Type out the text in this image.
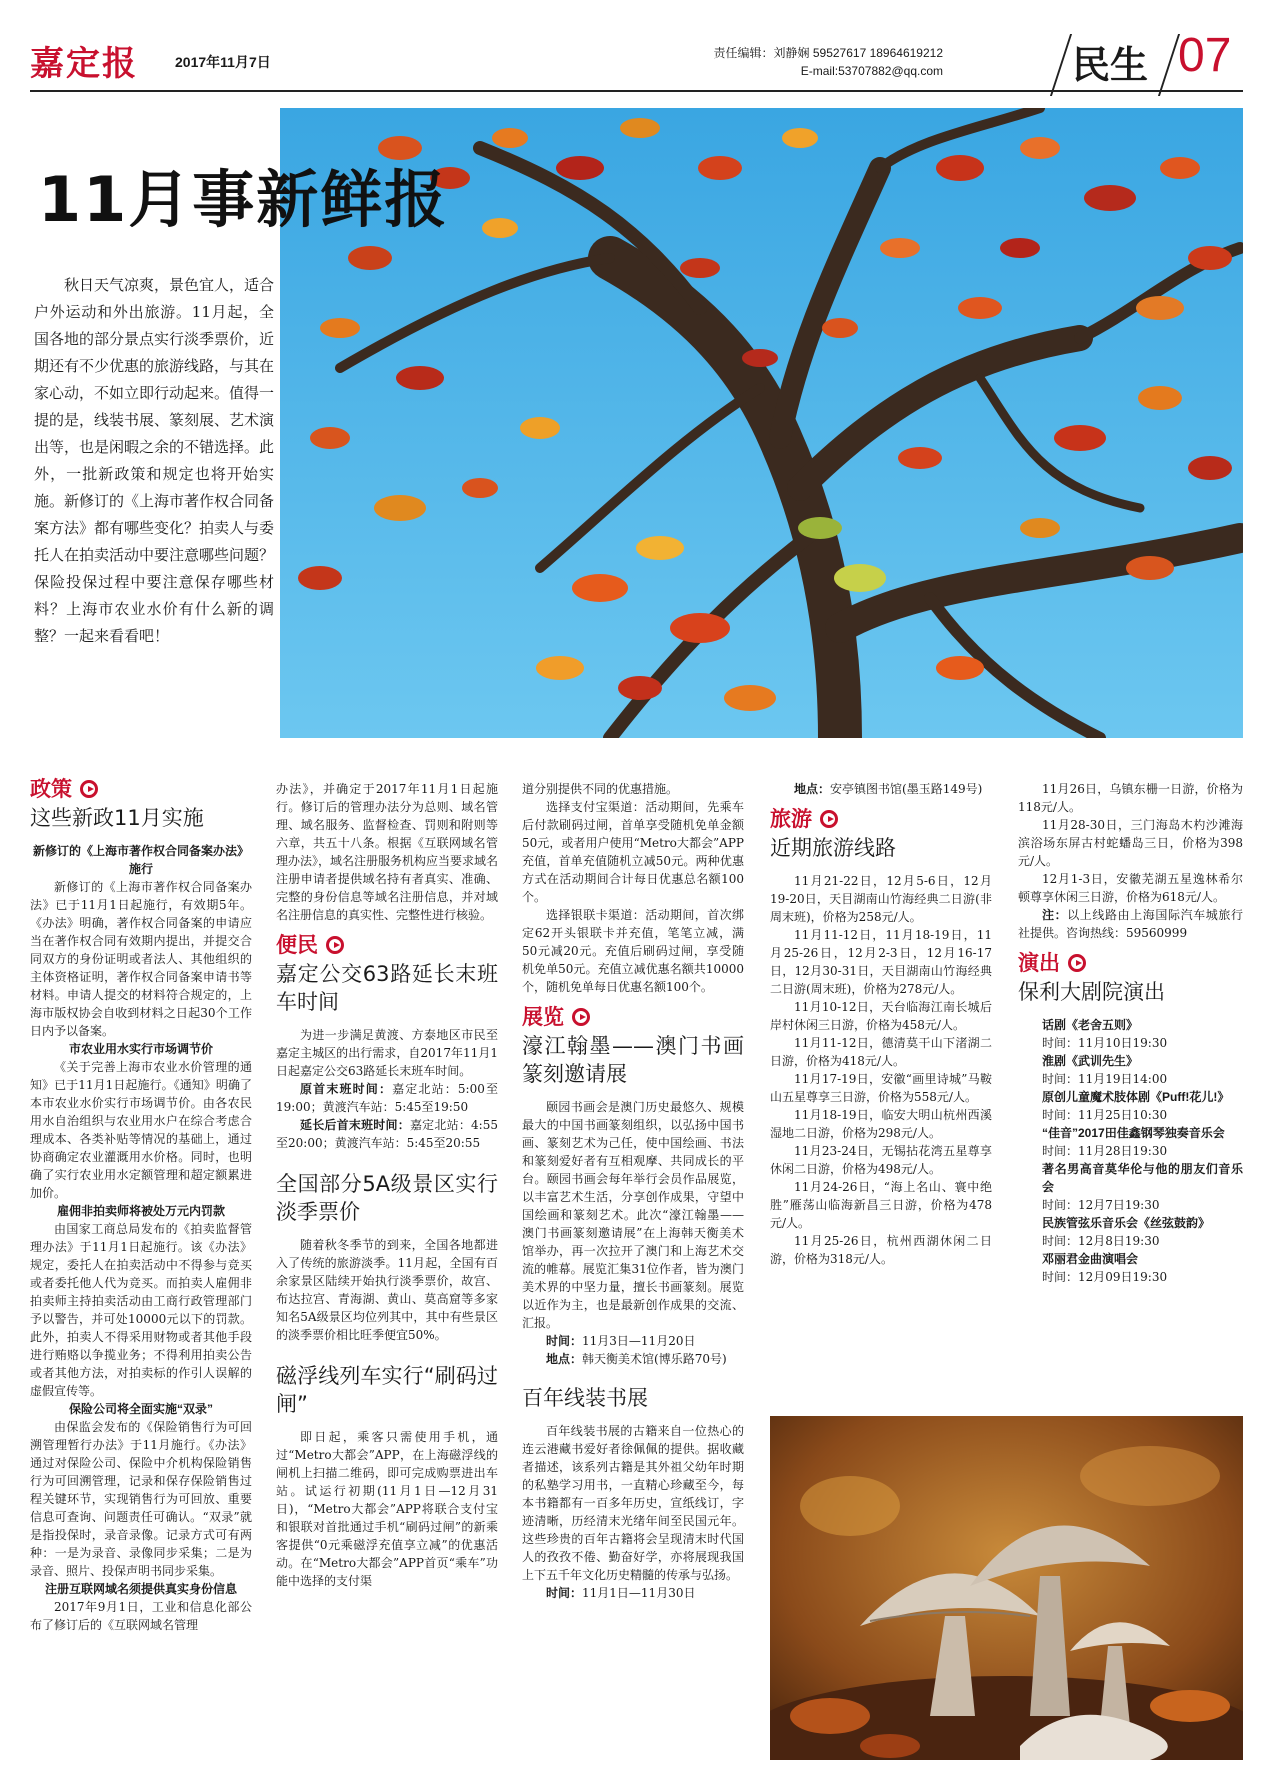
嘉定报	2017年11月7日
责任编辑：刘静娴 59527617 18964619212
E-mail:53707882@qq.com	民生 07
11月事新鲜报
秋日天气凉爽，景色宜人，适合户外运动和外出旅游。11月起，全国各地的部分景点实行淡季票价，近期还有不少优惠的旅游线路，与其在家心动，不如立即行动起来。值得一提的是，线装书展、篆刻展、艺术演出等，也是闲暇之余的不错选择。此外，一批新政策和规定也将开始实施。新修订的《上海市著作权合同备案方法》都有哪些变化？拍卖人与委托人在拍卖活动中要注意哪些问题？保险投保过程中要注意保存哪些材料？上海市农业水价有什么新的调整？一起来看看吧！
政策
这些新政11月实施
新修订的《上海市著作权合同备案办法》施行

新修订的《上海市著作权合同备案办法》已于11月1日起施行，有效期5年。《办法》明确，著作权合同备案的申请应当在著作权合同有效期内提出，并提交合同双方的身份证明或者法人、其他组织的主体资格证明，著作权合同备案申请书等材料。申请人提交的材料符合规定的，上海市版权协会自收到材料之日起30个工作日内予以备案。

市农业用水实行市场调节价

《关于完善上海市农业水价管理的通知》已于11月1日起施行。《通知》明确了本市农业水价实行市场调节价。由各农民用水自治组织与农业用水户在综合考虑合理成本、各类补贴等情况的基础上，通过协商确定农业灌溉用水价格。同时，也明确了实行农业用水定额管理和超定额累进加价。

雇佣非拍卖师将被处万元内罚款

由国家工商总局发布的《拍卖监督管理办法》于11月1日起施行。该《办法》规定，委托人在拍卖活动中不得参与竞买或者委托他人代为竞买。而拍卖人雇佣非拍卖师主持拍卖活动由工商行政管理部门予以警告，并可处10000元以下的罚款。此外，拍卖人不得采用财物或者其他手段进行贿赂以争揽业务；不得利用拍卖公告或者其他方法，对拍卖标的作引人误解的虚假宣传等。

保险公司将全面实施“双录”

由保监会发布的《保险销售行为可回溯管理暂行办法》于11月施行。《办法》通过对保险公司、保险中介机构保险销售行为可回溯管理，记录和保存保险销售过程关键环节，实现销售行为可回放、重要信息可查询、问题责任可确认。“双录”就是指投保时，录音录像。记录方式可有两种：一是为录音、录像同步采集；二是为录音、照片、投保声明书同步采集。

注册互联网域名须提供真实身份信息

2017年9月1日，工业和信息化部公布了修订后的《互联网域名管理

办法》，并确定于2017年11月1日起施行。修订后的管理办法分为总则、域名管理、域名服务、监督检查、罚则和附则等六章，共五十八条。根据《互联网域名管理办法》，域名注册服务机构应当要求域名注册申请者提供域名持有者真实、准确、完整的身份信息等域名注册信息，并对域名注册信息的真实性、完整性进行核验。

便民
嘉定公交63路延长末班车时间

为进一步满足黄渡、方泰地区市民至嘉定主城区的出行需求，自2017年11月1日起嘉定公交63路延长末班车时间。

原首末班时间：嘉定北站：5:00至19:00；黄渡汽车站：5:45至19:50

延长后首末班时间：嘉定北站：4:55至20:00；黄渡汽车站：5:45至20:55

全国部分5A级景区实行淡季票价

随着秋冬季节的到来，全国各地都进入了传统的旅游淡季。11月起，全国有百余家景区陆续开始执行淡季票价，故宫、布达拉宫、青海湖、黄山、莫高窟等多家知名5A级景区均位列其中，其中有些景区的淡季票价相比旺季便宜50%。

磁浮线列车实行“刷码过闸”

即日起，乘客只需使用手机，通过“Metro大都会”APP，在上海磁浮线的闸机上扫描二维码，即可完成购票进出车站。试运行初期(11月1日—12月31日)，“Metro大都会”APP将联合支付宝和银联对首批通过手机“刷码过闸”的新乘客提供“0元乘磁浮充值享立减”的优惠活动。在“Metro大都会”APP首页“乘车”功能中选择的支付渠

道分别提供不同的优惠措施。

选择支付宝渠道：活动期间，先乘车后付款刷码过闸，首单享受随机免单金额50元，或者用户使用“Metro大都会”APP充值，首单充值随机立减50元。两种优惠方式在活动期间合计每日优惠总名额100个。

选择银联卡渠道：活动期间，首次绑定62开头银联卡并充值，笔笔立减，满50元减20元。充值后刷码过闸，享受随机免单50元。充值立减优惠名额共10000个，随机免单每日优惠名额100个。

展览
濠江翰墨——澳门书画篆刻邀请展

颐园书画会是澳门历史最悠久、规模最大的中国书画篆刻组织，以弘扬中国书画、篆刻艺术为己任，使中国绘画、书法和篆刻爱好者有互相观摩、共同成长的平台。颐园书画会每年举行会员作品展览，以丰富艺术生活，分享创作成果，守望中国绘画和篆刻艺术。此次“濠江翰墨——澳门书画篆刻邀请展”在上海韩天衡美术馆举办，再一次拉开了澳门和上海艺术交流的帷幕。展览汇集31位作者，皆为澳门美术界的中坚力量，擅长书画篆刻。展览以近作为主，也是最新创作成果的交流、汇报。

时间：11月3日—11月20日

地点：韩天衡美术馆(博乐路70号)

百年线装书展

百年线装书展的古籍来自一位热心的连云港藏书爱好者徐佩佩的提供。据收藏者描述，该系列古籍是其外祖父幼年时期的私塾学习用书，一直精心珍藏至今，每本书籍都有一百多年历史，宣纸线订，字迹清晰，历经清末光绪年间至民国元年。这些珍贵的百年古籍将会呈现清末时代国人的孜孜不倦、勤奋好学，亦将展现我国上下五千年文化历史精髓的传承与弘扬。

时间：11月1日—11月30日

地点：安亭镇图书馆(墨玉路149号)

旅游
近期旅游线路

11月21-22日，12月5-6日，12月19-20日，天目湖南山竹海经典二日游(非周末班)，价格为258元/人。

11月11-12日，11月18-19日，11月25-26日，12月2-3日，12月16-17日，12月30-31日，天目湖南山竹海经典二日游(周末班)，价格为278元/人。

11月10-12日，天台临海江南长城后岸村休闲三日游，价格为458元/人。

11月11-12日，德清莫干山下渚湖二日游，价格为418元/人。

11月17-19日，安徽“画里诗城”马鞍山五星尊享三日游，价格为558元/人。

11月18-19日，临安大明山杭州西溪湿地二日游，价格为298元/人。

11月23-24日，无锡拈花湾五星尊享休闲二日游，价格为498元/人。

11月24-26日，“海上名山、寰中绝胜”雁荡山临海新昌三日游，价格为478元/人。

11月25-26日，杭州西湖休闲二日游，价格为318元/人。

11月26日，乌镇东栅一日游，价格为118元/人。

11月28-30日，三门海岛木杓沙滩海滨浴场东屏古村蛇蟠岛三日，价格为398元/人。

12月1-3日，安徽芜湖五星逸林希尔顿尊享休闲三日游，价格为618元/人。

注：以上线路由上海国际汽车城旅行社提供。咨询热线：59560999

演出
保利大剧院演出
话剧《老舍五则》
时间：11月10日19:30
淮剧《武训先生》
时间：11月19日14:00
原创儿童魔术肢体剧《Puff!花儿!》
时间：11月25日10:30
“佳音”2017田佳鑫钢琴独奏音乐会
时间：11月28日19:30
著名男高音莫华伦与他的朋友们音乐会
时间：12月7日19:30
民族管弦乐音乐会《丝弦鼓韵》
时间：12月8日19:30
邓丽君金曲演唱会
时间：12月09日19:30
